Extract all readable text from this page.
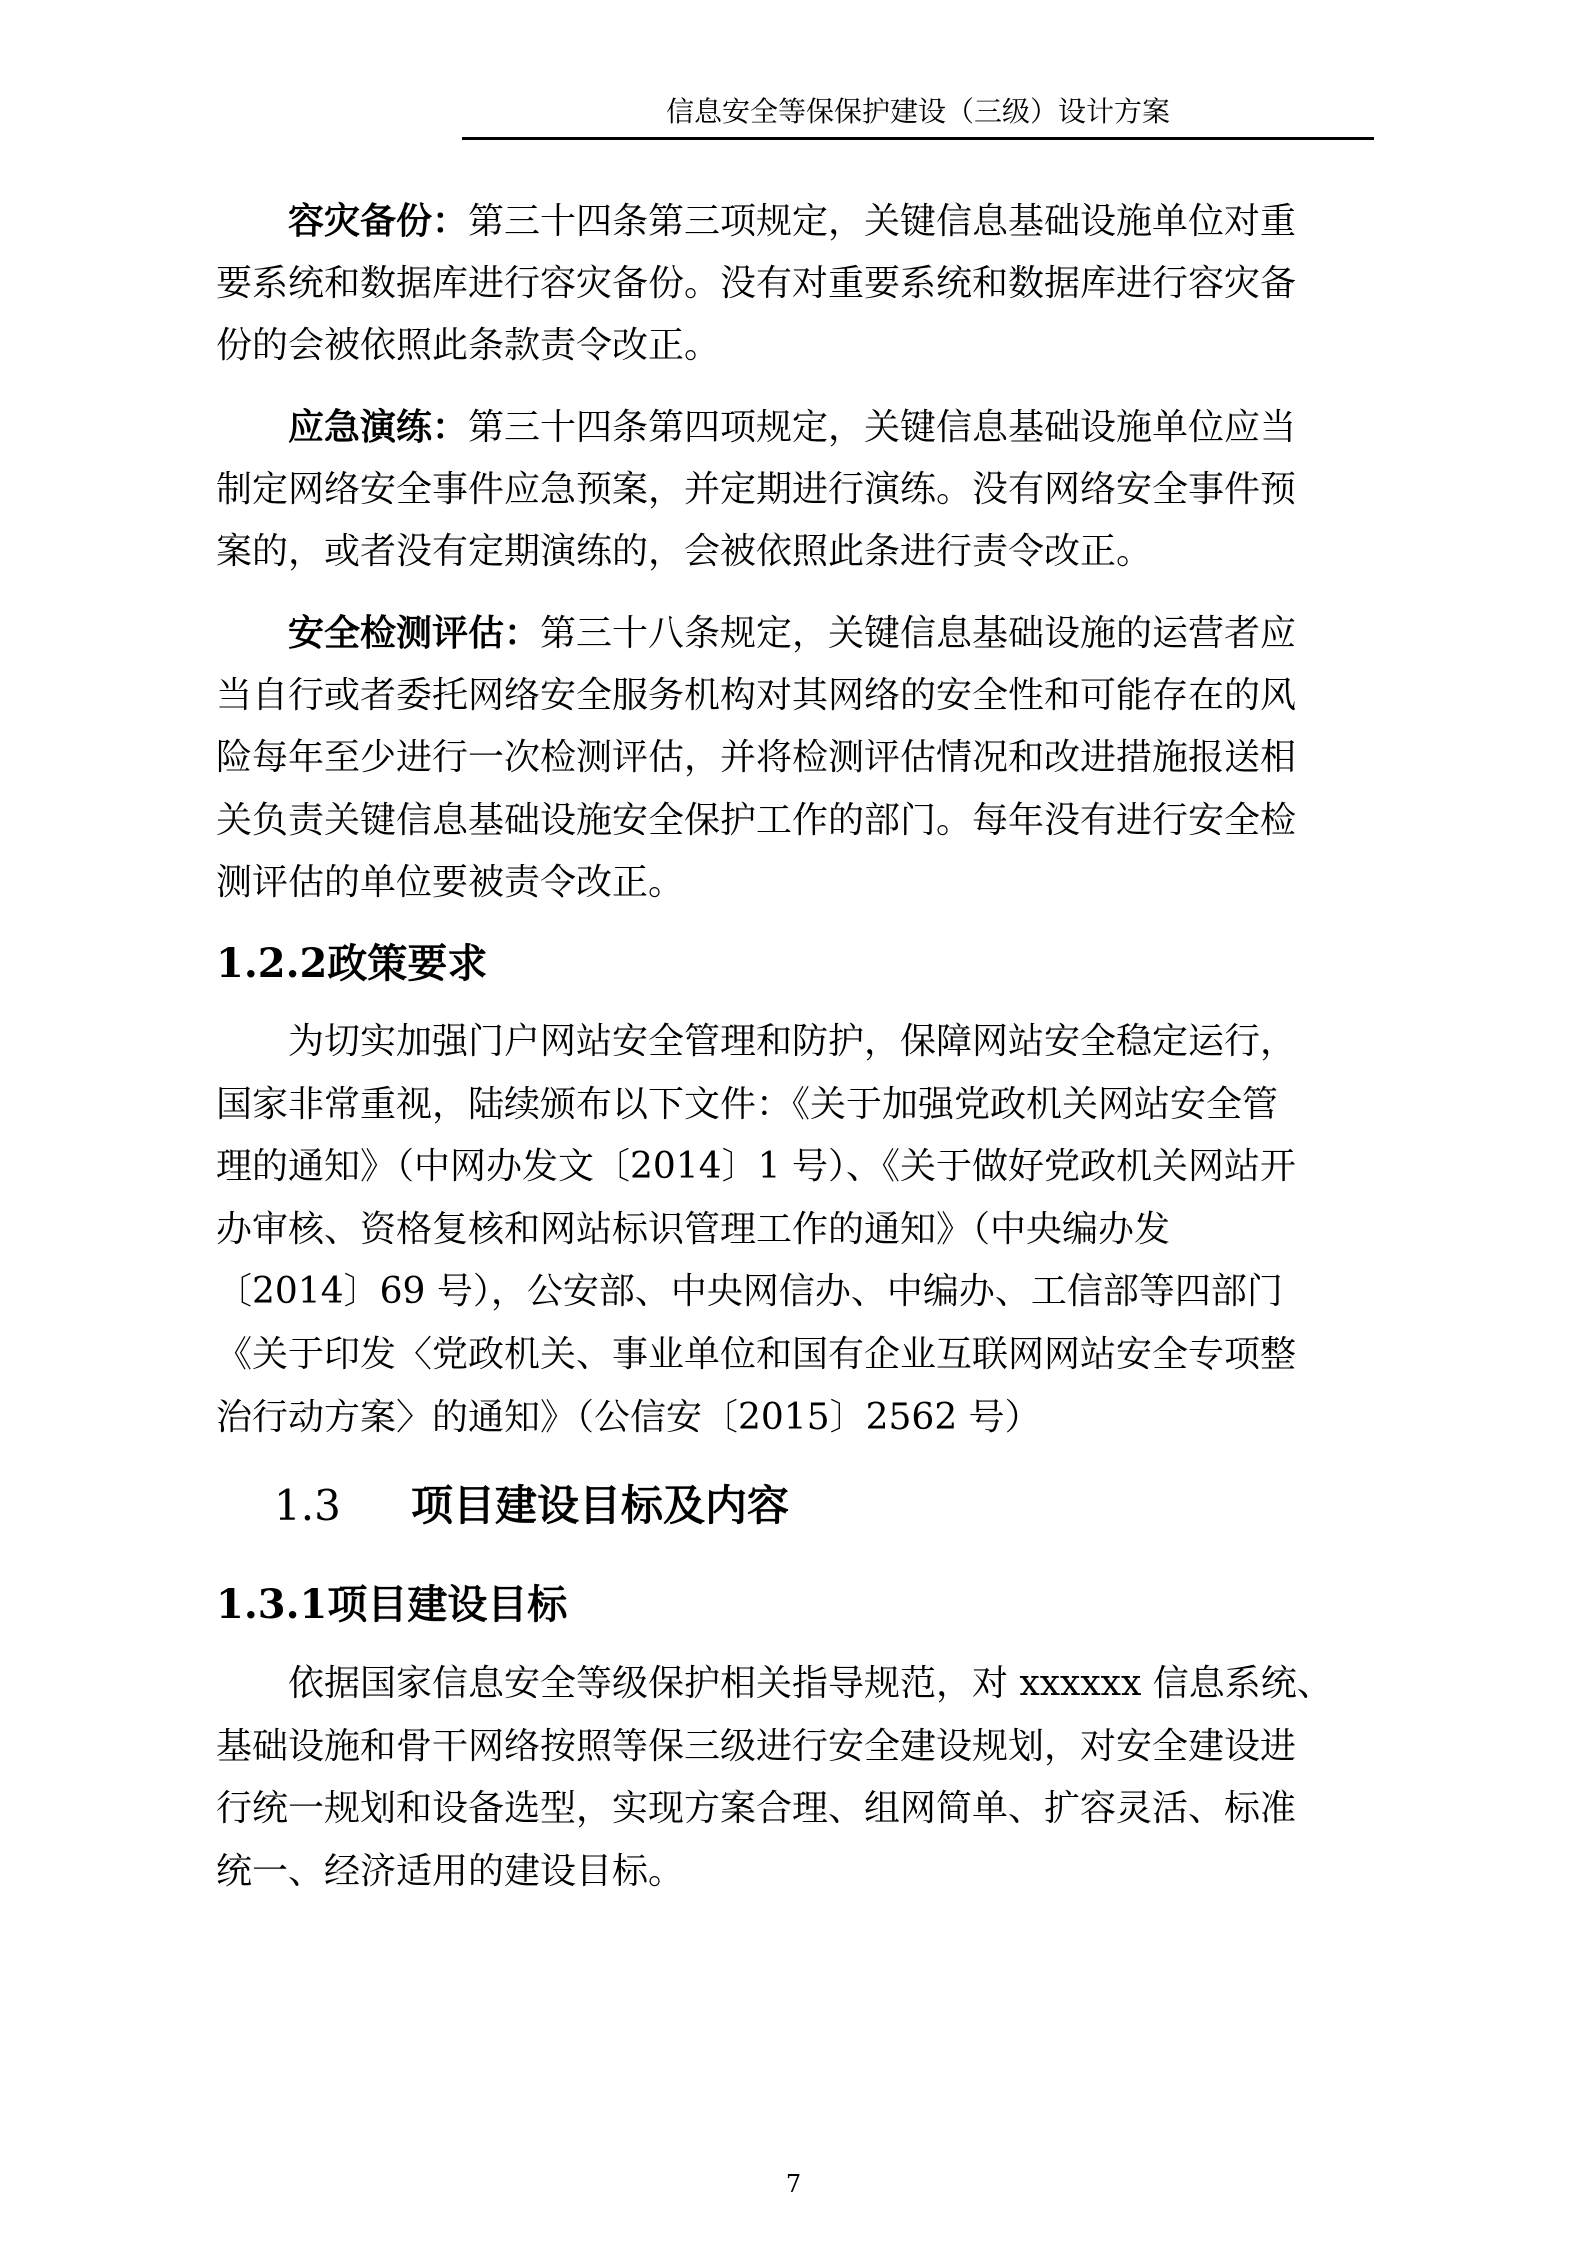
信息安全等保保护建设（三级）设计方案
容灾备份：第三十四条第三项规定，关键信息基础设施单位对重
要系统和数据库进行容灾备份。没有对重要系统和数据库进行容灾备
份的会被依照此条款责令改正。
应急演练：第三十四条第四项规定，关键信息基础设施单位应当
制定网络安全事件应急预案，并定期进行演练。没有网络安全事件预
案的，或者没有定期演练的，会被依照此条进行责令改正。
安全检测评估：第三十八条规定，关键信息基础设施的运营者应
当自行或者委托网络安全服务机构对其网络的安全性和可能存在的风
险每年至少进行一次检测评估，并将检测评估情况和改进措施报送相
关负责关键信息基础设施安全保护工作的部门。每年没有进行安全检
测评估的单位要被责令改正。
1.2.2政策要求
为切实加强门户网站安全管理和防护，保障网站安全稳定运行，
国家非常重视，陆续颁布以下文件：《关于加强党政机关网站安全管
理的通知》（中网办发文〔2014〕1 号）、《关于做好党政机关网站开
办审核、资格复核和网站标识管理工作的通知》（中央编办发
〔2014〕69 号），公安部、中央网信办、中编办、工信部等四部门
《关于印发〈党政机关、事业单位和国有企业互联网网站安全专项整
治行动方案〉的通知》（公信安〔2015〕2562 号）
1.3 项目建设目标及内容
1.3.1项目建设目标
依据国家信息安全等级保护相关指导规范，对 xxxxxx 信息系统、
基础设施和骨干网络按照等保三级进行安全建设规划，对安全建设进
行统一规划和设备选型，实现方案合理、组网简单、扩容灵活、标准
统一、经济适用的建设目标。
7
